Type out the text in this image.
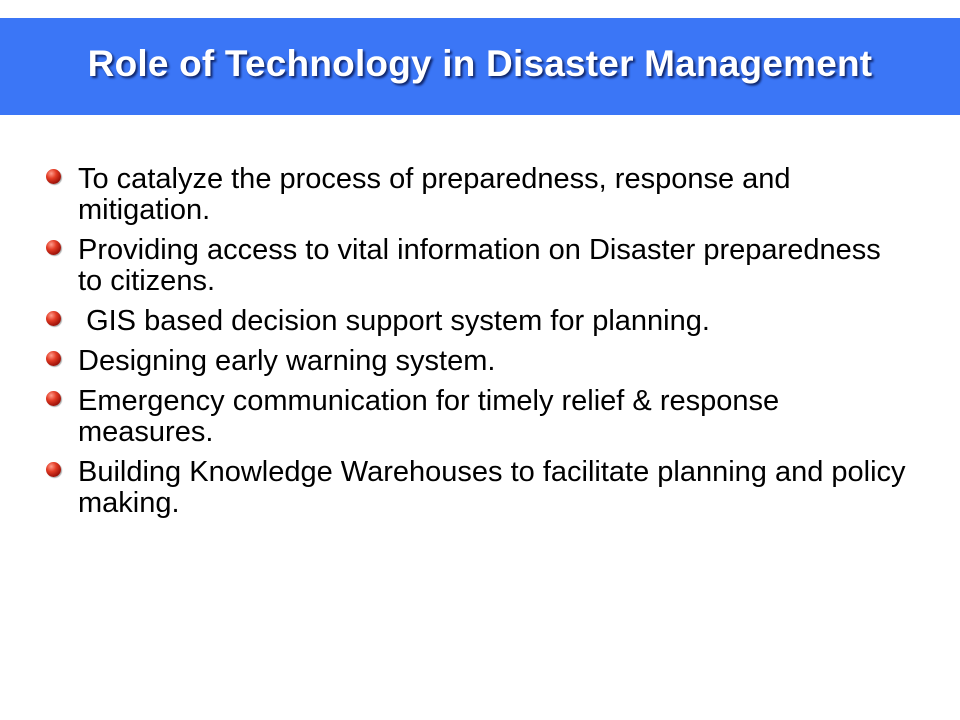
Role of Technology in Disaster Management
To catalyze the process of preparedness, response and mitigation.
Providing access to vital information on Disaster preparedness to citizens.
GIS based decision support system for planning.
Designing early warning system.
Emergency communication for timely relief & response measures.
Building Knowledge Warehouses to facilitate planning and policy making.
